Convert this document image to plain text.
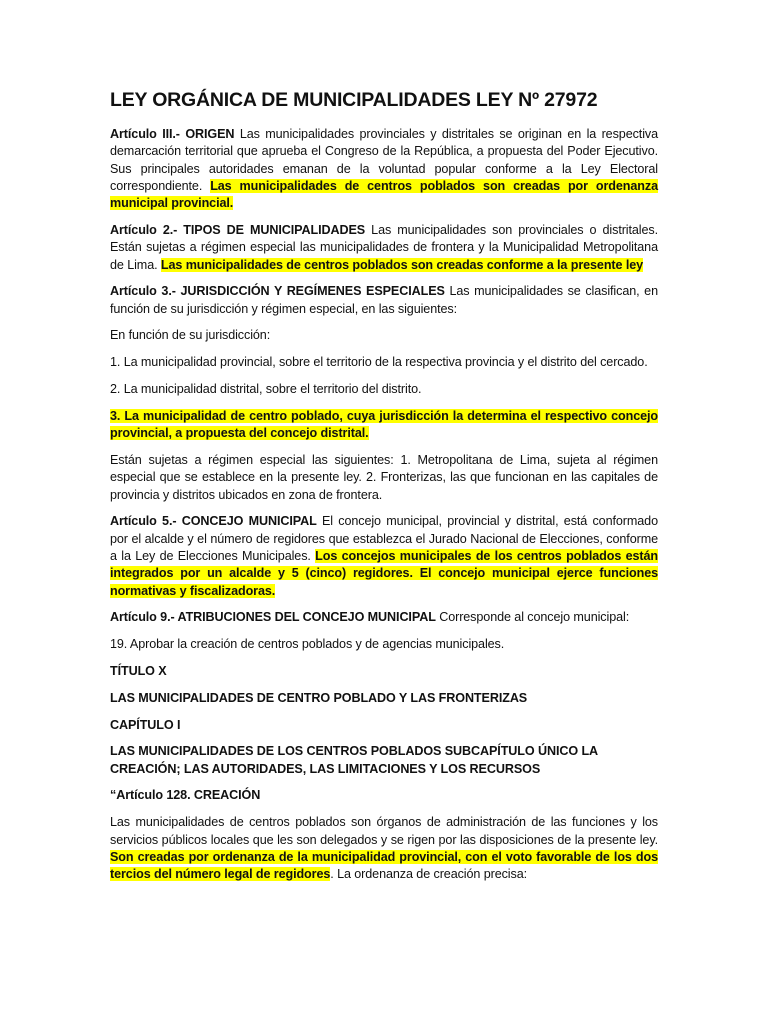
LEY ORGÁNICA DE MUNICIPALIDADES LEY Nº 27972

Artículo III.- ORIGEN Las municipalidades provinciales y distritales se originan en la respectiva demarcación territorial que aprueba el Congreso de la República, a propuesta del Poder Ejecutivo. Sus principales autoridades emanan de la voluntad popular conforme a la Ley Electoral correspondiente. Las municipalidades de centros poblados son creadas por ordenanza municipal provincial.

Artículo 2.- TIPOS DE MUNICIPALIDADES Las municipalidades son provinciales o distritales. Están sujetas a régimen especial las municipalidades de frontera y la Municipalidad Metropolitana de Lima. Las municipalidades de centros poblados son creadas conforme a la presente ley

Artículo 3.- JURISDICCIÓN Y REGÍMENES ESPECIALES Las municipalidades se clasifican, en función de su jurisdicción y régimen especial, en las siguientes:

En función de su jurisdicción:

1. La municipalidad provincial, sobre el territorio de la respectiva provincia y el distrito del cercado.

2. La municipalidad distrital, sobre el territorio del distrito.

3. La municipalidad de centro poblado, cuya jurisdicción la determina el respectivo concejo provincial, a propuesta del concejo distrital.

Están sujetas a régimen especial las siguientes: 1. Metropolitana de Lima, sujeta al régimen especial que se establece en la presente ley. 2. Fronterizas, las que funcionan en las capitales de provincia y distritos ubicados en zona de frontera.

Artículo 5.- CONCEJO MUNICIPAL El concejo municipal, provincial y distrital, está conformado por el alcalde y el número de regidores que establezca el Jurado Nacional de Elecciones, conforme a la Ley de Elecciones Municipales. Los concejos municipales de los centros poblados están integrados por un alcalde y 5 (cinco) regidores. El concejo municipal ejerce funciones normativas y fiscalizadoras.

Artículo 9.- ATRIBUCIONES DEL CONCEJO MUNICIPAL Corresponde al concejo municipal:

19. Aprobar la creación de centros poblados y de agencias municipales.

TÍTULO X

LAS MUNICIPALIDADES DE CENTRO POBLADO Y LAS FRONTERIZAS

CAPÍTULO I

LAS MUNICIPALIDADES DE LOS CENTROS POBLADOS SUBCAPÍTULO ÚNICO LA CREACIÓN; LAS AUTORIDADES, LAS LIMITACIONES Y LOS RECURSOS

“Artículo 128. CREACIÓN

Las municipalidades de centros poblados son órganos de administración de las funciones y los servicios públicos locales que les son delegados y se rigen por las disposiciones de la presente ley. Son creadas por ordenanza de la municipalidad provincial, con el voto favorable de los dos tercios del número legal de regidores. La ordenanza de creación precisa:
